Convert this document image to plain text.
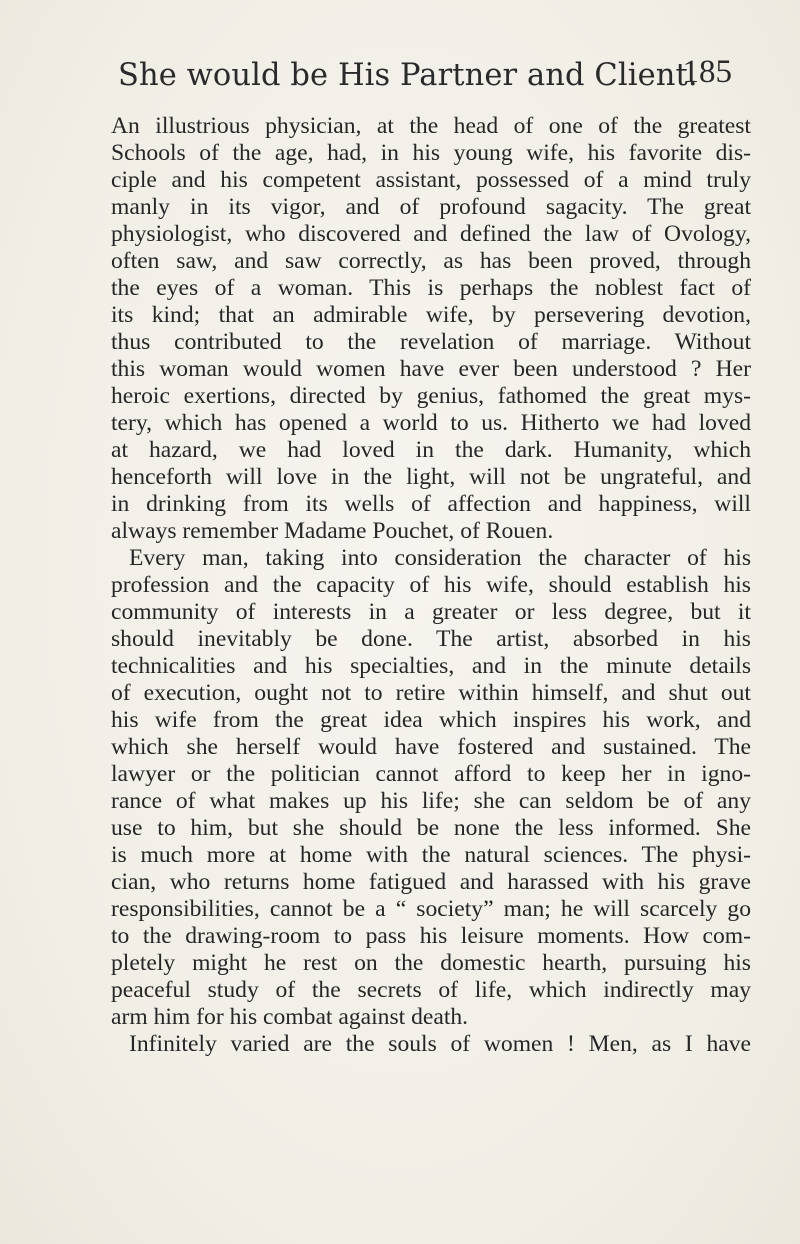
She would be His Partner and Client.
185
An illustrious physician, at the head of one of the greatest
Schools of the age, had, in his young wife, his favorite dis-
ciple and his competent assistant, possessed of a mind truly
manly in its vigor, and of profound sagacity. The great
physiologist, who discovered and defined the law of Ovology,
often saw, and saw correctly, as has been proved, through
the eyes of a woman. This is perhaps the noblest fact of
its kind; that an admirable wife, by persevering devotion,
thus contributed to the revelation of marriage. Without
this woman would women have ever been understood ? Her
heroic exertions, directed by genius, fathomed the great mys-
tery, which has opened a world to us. Hitherto we had loved
at hazard, we had loved in the dark. Humanity, which
henceforth will love in the light, will not be ungrateful, and
in drinking from its wells of affection and happiness, will
always remember Madame Pouchet, of Rouen.
Every man, taking into consideration the character of his
profession and the capacity of his wife, should establish his
community of interests in a greater or less degree, but it
should inevitably be done. The artist, absorbed in his
technicalities and his specialties, and in the minute details
of execution, ought not to retire within himself, and shut out
his wife from the great idea which inspires his work, and
which she herself would have fostered and sustained. The
lawyer or the politician cannot afford to keep her in igno-
rance of what makes up his life; she can seldom be of any
use to him, but she should be none the less informed. She
is much more at home with the natural sciences. The physi-
cian, who returns home fatigued and harassed with his grave
responsibilities, cannot be a “ society” man; he will scarcely go
to the drawing-room to pass his leisure moments. How com-
pletely might he rest on the domestic hearth, pursuing his
peaceful study of the secrets of life, which indirectly may
arm him for his combat against death.
Infinitely varied are the souls of women ! Men, as I have
